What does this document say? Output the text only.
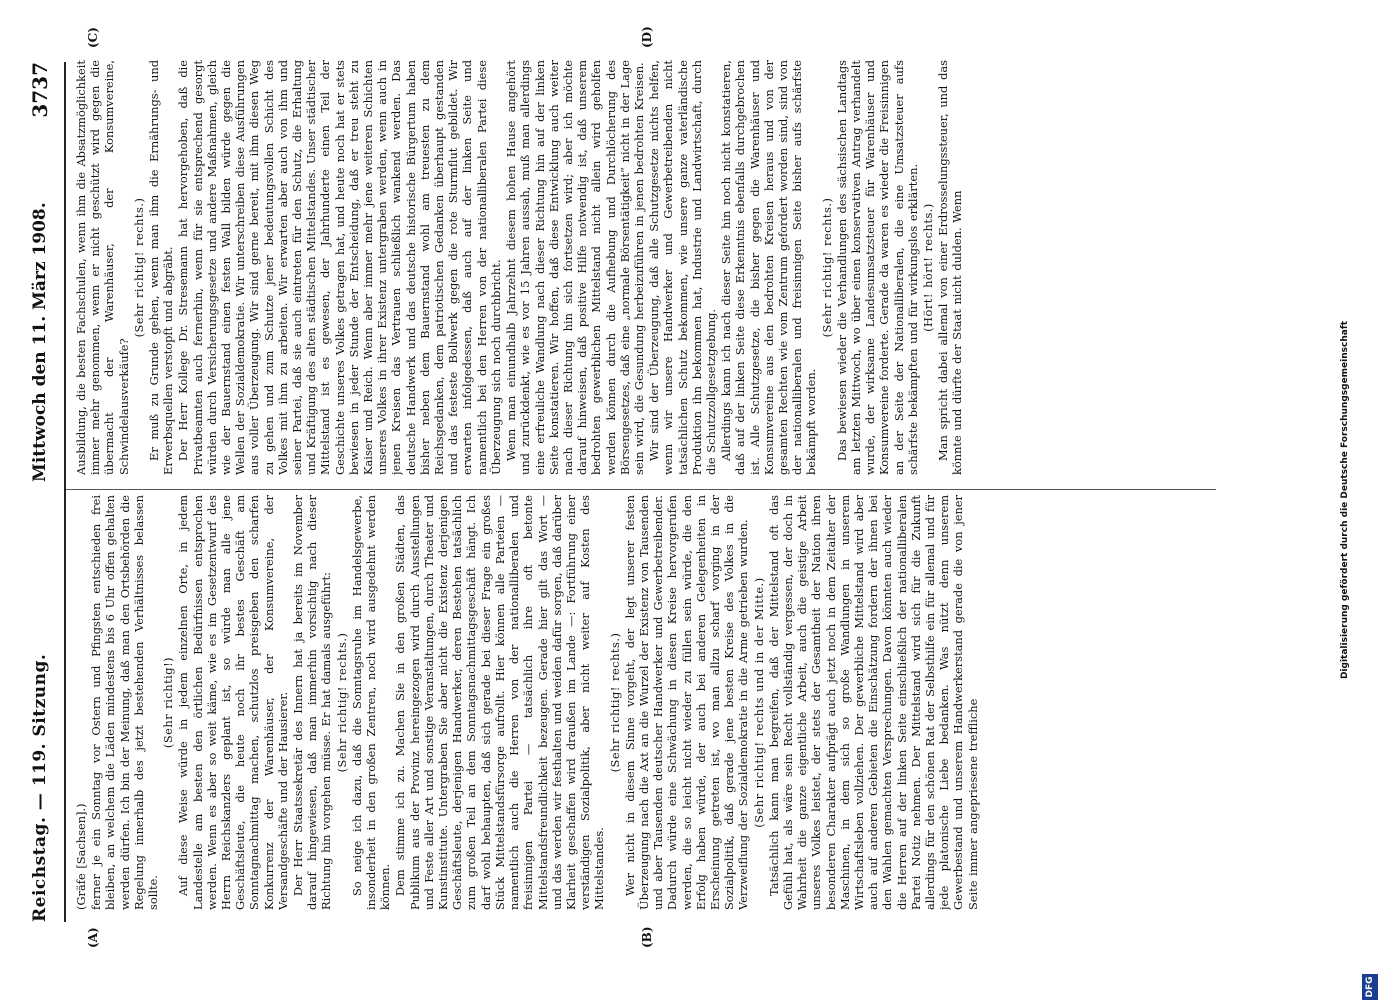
Reichstag. — 119. Sitzung.
Mittwoch den 11. März 1908.
3737
(A)	(B)
(C)	(D)

(Gräfe [Sachsen].) ferner je ein Sonntag vor Ostern und Pfingsten entschieden frei bleiben, an welchem die Läden mindestens bis 6 Uhr offen gehalten werden dürfen. Ich bin der Meinung, daß man den Ortsbehörden die Regelung innerhalb des jetzt bestehenden Verhältnisses belassen sollte.

(Sehr richtig!) Auf diese Weise würde in jedem einzelnen Orte, in jedem Landestelle am besten den örtlichen Bedürfnissen entsprochen werden. Wenn es aber so weit käme, wie es im Gesetzentwurf des Herrn Reichskanzlers geplant ist, so würde man alle jene Geschäftsleute, die heute noch ihr bestes Geschäft am Sonntagnachmittag machen, schutzlos preisgeben den scharfen Konkurrenz der Warenhäuser, der Konsumvereine, der Versandgeschäfte und der Hausierer. Der Herr Staatssekretär des Innern hat ja bereits im November darauf hingewiesen, daß man immerhin vorsichtig nach dieser Richtung hin vorgehen müsse. Er hat damals ausgeführt: (Sehr richtig! rechts.) So neige ich dazu, daß die Sonntagsruhe im Handelsgewerbe, insonderheit in den großen Zentren, noch wird ausgedehnt werden können. Dem stimme ich zu. Machen Sie in den großen Städten, das Publikum aus der Provinz hereingezogen wird durch Ausstellungen und Feste aller Art und sonstige Veranstaltungen, durch Theater und Kunstinstitute. Untergraben Sie aber nicht die Existenz derjenigen Geschäftsleute, derjenigen Handwerker, deren Bestehen tatsächlich zum großen Teil an dem Sonntagsnachmittagsgeschäft hängt. Ich darf wohl behaupten, daß sich gerade bei dieser Frage ein großes Stück Mittelstandsfürsorge aufrollt. Hier können alle Parteien — namentlich auch die Herren von der nationalliberalen und freisinnigen Partei — tatsächlich ihre oft betonte Mittelstandsfreundlichkeit bezeugen. Gerade hier gilt das Wort — und das werden wir festhalten und weiden dafür sorgen, daß darüber Klarheit geschaffen wird draußen im Lande —: Fortführung einer verständigen Sozialpolitik, aber nicht weiter auf Kosten des Mittelstandes.

(Sehr richtig! rechts.) Wer nicht in diesem Sinne vorgeht, der legt unserer festen Überzeugung nach die Axt an die Wurzel der Existenz von Tausenden und aber Tausenden deutscher Handwerker und Gewerbetreibender. Dadurch würde eine Schwächung in diesen Kreise hervorgerufen werden, die so leicht nicht wieder zu füllen sein würde, die den Erfolg haben würde, der auch bei anderen Gelegenheiten in Erscheinung getreten ist, wo man allzu scharf vorging in der Sozialpolitik, daß gerade jene besten Kreise des Volkes in die Verzweiflung der Sozialdemokratie in die Arme getrieben wurden. (Sehr richtig! rechts und in der Mitte.) Tatsächlich kann man begreifen, daß der Mittelstand oft das Gefühl hat, als wäre sein Recht vollständig vergessen, der doch in Wahrheit die ganze eigentliche Arbeit, auch die geistige Arbeit unseres Volkes leistet, der stets der Gesamtheit der Nation ihren besonderen Charakter aufprägt auch jetzt noch in dem Zeitalter der Maschinen, in dem sich so große Wandlungen in unserem Wirtschaftsleben vollziehen. Der gewerbliche Mittelstand wird aber auch auf anderen Gebieten die Einschätzung fordern der ihnen bei den Wahlen gemachten Versprechungen. Davon könnten auch wieder die Herren auf der linken Seite einschließlich der nationalliberalen Partei Notiz nehmen. Der Mittelstand wird sich für die Zukunft allerdings für den schönen Rat der Selbsthilfe ein für allemal und für jede platonische Liebe bedanken. Was nützt denn unserem Gewerbestand und unserem Handwerkerstand gerade die von jener Seite immer angepriesene treffliche

Ausbildung, die besten Fachschulen, wenn ihm die Absatzmöglichkeit immer mehr genommen, wenn er nicht geschützt wird gegen die übermacht der Warenhäuser, der Konsumvereine, Schwindelausverkäufe?

(Sehr richtig! rechts.) Er muß zu Grunde gehen, wenn man ihm die Ernährungs- und Erwerbsquellen verstopft und abgräbt. Der Herr Kollege Dr. Stresemann hat hervorgehoben, daß die Privatbeamten auch fernerhin, wenn für sie entsprechend gesorgt würden durch Versicherungsgesetze und andere Maßnahmen, gleich wie der Bauernstand einen festen Wall bilden würde gegen die Wellen der Sozialdemokratie. Wir unterschreiben diese Ausführungen aus voller Überzeugung. Wir sind gerne bereit, mit ihm diesen Weg zu gehen und zum Schutze jener bedeutungsvollen Schicht des Volkes mit ihm zu arbeiten. Wir erwarten aber auch von ihm und seiner Partei, daß sie auch eintreten für den Schutz, die Erhaltung und Kräftigung des alten städtischen Mittelstandes. Unser städtischer Mittelstand ist es gewesen, der Jahrhunderte einen Teil der Geschichte unseres Volkes getragen hat, und heute noch hat er stets bewiesen in jeder Stunde der Entscheidung, daß er treu steht zu Kaiser und Reich. Wenn aber immer mehr jene weiteren Schichten unseres Volkes in ihrer Existenz untergraben werden, wenn auch in jenen Kreisen das Vertrauen schließlich wankend werden. Das deutsche Handwerk und das deutsche historische Bürgertum haben bisher neben dem Bauernstand wohl am treuesten zu dem Reichsgedanken, dem patriotischen Gedanken überhaupt gestanden und das festeste Bollwerk gegen die rote Sturmflut gebildet. Wir erwarten infolgedessen, daß auch auf der linken Seite und namentlich bei den Herren von der nationalliberalen Partei diese Überzeugung sich noch durchbricht. Wenn man einundhalb Jahrzehnt diesem hohen Hause angehört und zurückdenkt, wie es vor 15 Jahren aussah, muß man allerdings eine erfreuliche Wandlung nach dieser Richtung hin auf der linken Seite konstatieren. Wir hoffen, daß diese Entwicklung auch weiter nach dieser Richtung hin sich fortsetzen wird; aber ich möchte darauf hinweisen, daß positive Hilfe notwendig ist, daß unserem bedrohten gewerblichen Mittelstand nicht allein wird geholfen werden können durch die Aufhebung und Durchlöcherung des Börsengesetzes, daß eine „normale Börsentätigkeit“ nicht in der Lage sein wird, die Gesundung herbeizuführen in jenen bedrohten Kreisen. Wir sind der Überzeugung, daß alle Schutzgesetze nichts helfen, wenn wir unsere Handwerker und Gewerbetreibenden nicht tatsächlichen Schutz bekommen, wie unsere ganze vaterländische Produktion ihn bekommen hat, Industrie und Landwirtschaft, durch die Schutzzollgesetzgebung. Allerdings kann ich nach dieser Seite hin noch nicht konstatieren, daß auf der linken Seite diese Erkenntnis ebenfalls durchgebrochen ist. Alle Schutzgesetze, die bisher gegen die Warenhäuser und Konsumvereine aus den bedrohten Kreisen heraus und von der gesamten Rechten wie vom Zentrum gefordert worden sind, sind von der nationalliberalen und freisinnigen Seite bisher aufs schärfste bekämpft worden.

(Sehr richtig! rechts.) Das bewiesen wieder die Verhandlungen des sächsischen Landtags am letzten Mittwoch, wo über einen konservativen Antrag verhandelt wurde, der wirksame Landesumsatzsteuer für Warenhäuser und Konsumvereine forderte. Gerade da waren es wieder die Freisinnigen an der Seite der Nationalliberalen, die eine Umsatzsteuer aufs schärfste bekämpften und für wirkungslos erklärten. (Hört! hört! rechts.) Man spricht dabei allemal von einer Erdrosselungssteuer, und das könnte und dürfte der Staat nicht dulden. Wenn	Digitalisierung gefördert durch die Deutsche Forschungsgemeinschaft
DFG
